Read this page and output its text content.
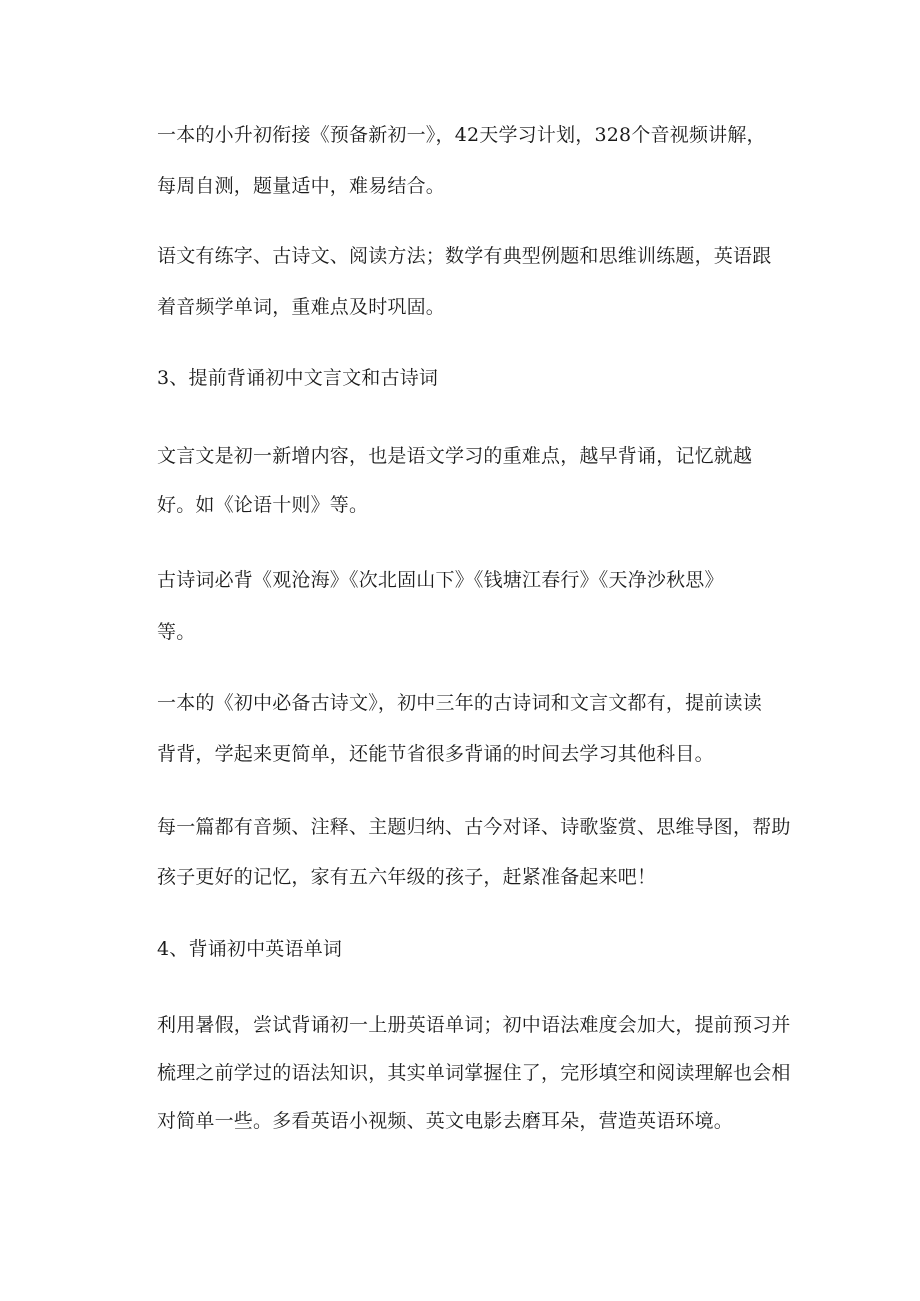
一本的小升初衔接《预备新初一》，42天学习计划，328个音视频讲解，

每周自测，题量适中，难易结合。

语文有练字、古诗文、阅读方法；数学有典型例题和思维训练题，英语跟

着音频学单词，重难点及时巩固。

3、提前背诵初中文言文和古诗词

文言文是初一新增内容，也是语文学习的重难点，越早背诵，记忆就越

好。如《论语十则》等。

古诗词必背《观沧海》《次北固山下》《钱塘江春行》《天净沙秋思》

等。

一本的《初中必备古诗文》，初中三年的古诗词和文言文都有，提前读读

背背，学起来更简单，还能节省很多背诵的时间去学习其他科目。

每一篇都有音频、注释、主题归纳、古今对译、诗歌鉴赏、思维导图，帮助

孩子更好的记忆，家有五六年级的孩子，赶紧准备起来吧！

4、背诵初中英语单词

利用暑假，尝试背诵初一上册英语单词；初中语法难度会加大，提前预习并

梳理之前学过的语法知识，其实单词掌握住了，完形填空和阅读理解也会相

对简单一些。多看英语小视频、英文电影去磨耳朵，营造英语环境。
